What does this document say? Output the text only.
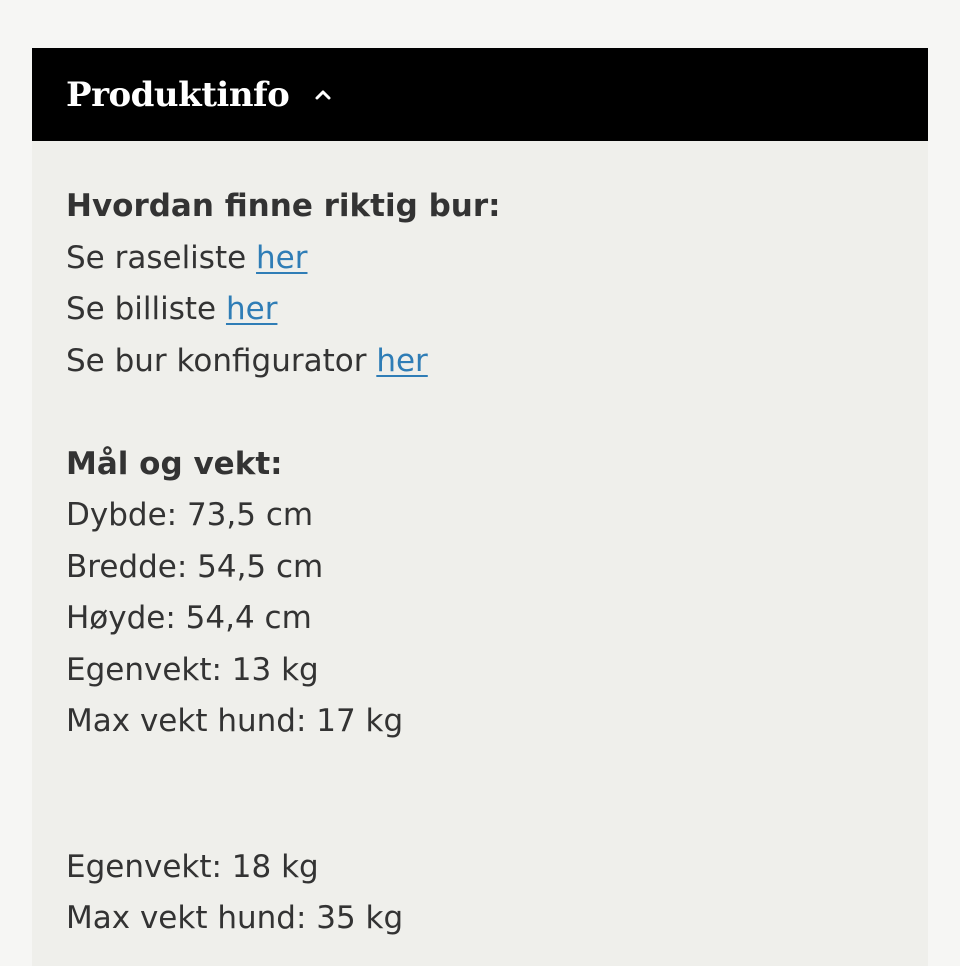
Produktinfo
Hvordan finne riktig bur:
Se raseliste her
Se billiste her
Se bur konfigurator her
Mål og vekt:
Dybde: 73,5 cm
Bredde: 54,5 cm
Høyde: 54,4 cm
Egenvekt: 13 kg
Max vekt hund: 17 kg
Egenvekt: 18 kg
Max vekt hund: 35 kg
